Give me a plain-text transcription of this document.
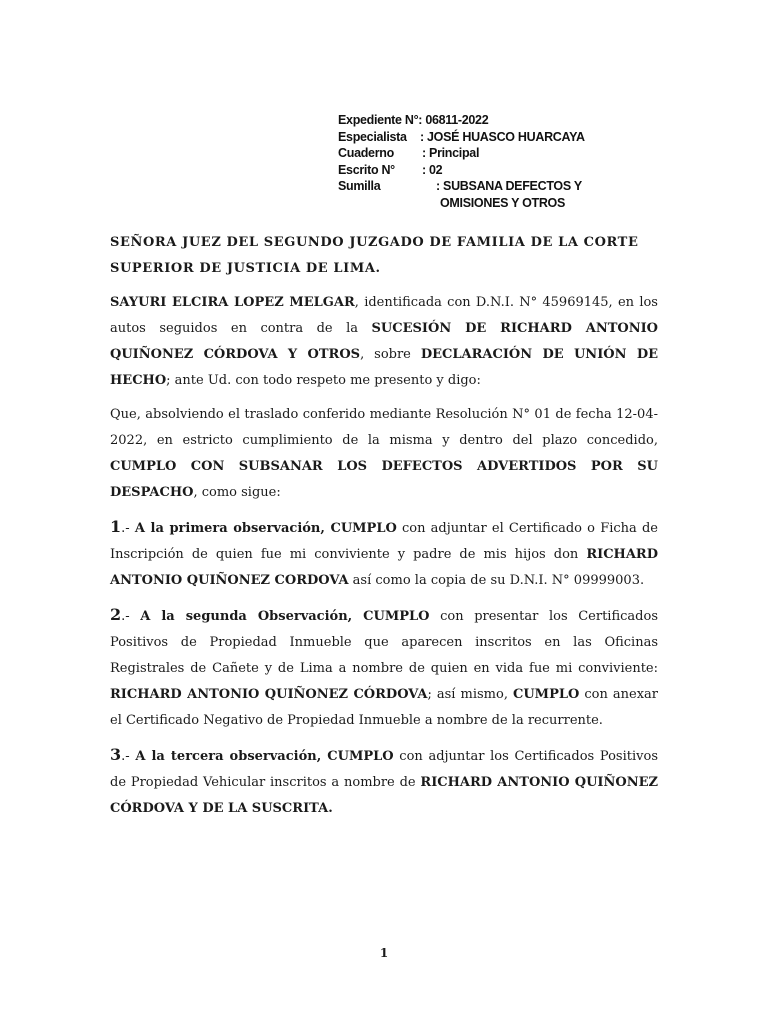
Expediente N°: 06811-2022
Especialista	: JOSÉ HUASCO HUARCAYA
Cuaderno	: Principal
Escrito N°	: 02
Sumilla	: SUBSANA DEFECTOS Y
OMISIONES Y OTROS

SEÑORA JUEZ DEL SEGUNDO JUZGADO DE FAMILIA DE LA CORTE SUPERIOR DE JUSTICIA DE LIMA.

SAYURI ELCIRA LOPEZ MELGAR, identificada con D.N.I. N° 45969145, en los autos seguidos en contra de la SUCESIÓN DE RICHARD ANTONIO QUIÑONEZ CÓRDOVA Y OTROS, sobre DECLARACIÓN DE UNIÓN DE HECHO; ante Ud. con todo respeto me presento y digo:

Que, absolviendo el traslado conferido mediante Resolución N° 01 de fecha 12-04-2022, en estricto cumplimiento de la misma y dentro del plazo concedido, CUMPLO CON SUBSANAR LOS DEFECTOS ADVERTIDOS POR SU DESPACHO, como sigue:

1.- A la primera observación, CUMPLO con adjuntar el Certificado o Ficha de Inscripción de quien fue mi conviviente y padre de mis hijos don RICHARD ANTONIO QUIÑONEZ CORDOVA así como la copia de su D.N.I. N° 09999003.

2.- A la segunda Observación, CUMPLO con presentar los Certificados Positivos de Propiedad Inmueble que aparecen inscritos en las Oficinas Registrales de Cañete y de Lima a nombre de quien en vida fue mi conviviente: RICHARD ANTONIO QUIÑONEZ CÓRDOVA; así mismo, CUMPLO con anexar el Certificado Negativo de Propiedad Inmueble a nombre de la recurrente.

3.- A la tercera observación, CUMPLO con adjuntar los Certificados Positivos de Propiedad Vehicular inscritos a nombre de RICHARD ANTONIO QUIÑONEZ CÓRDOVA Y DE LA SUSCRITA.

1
